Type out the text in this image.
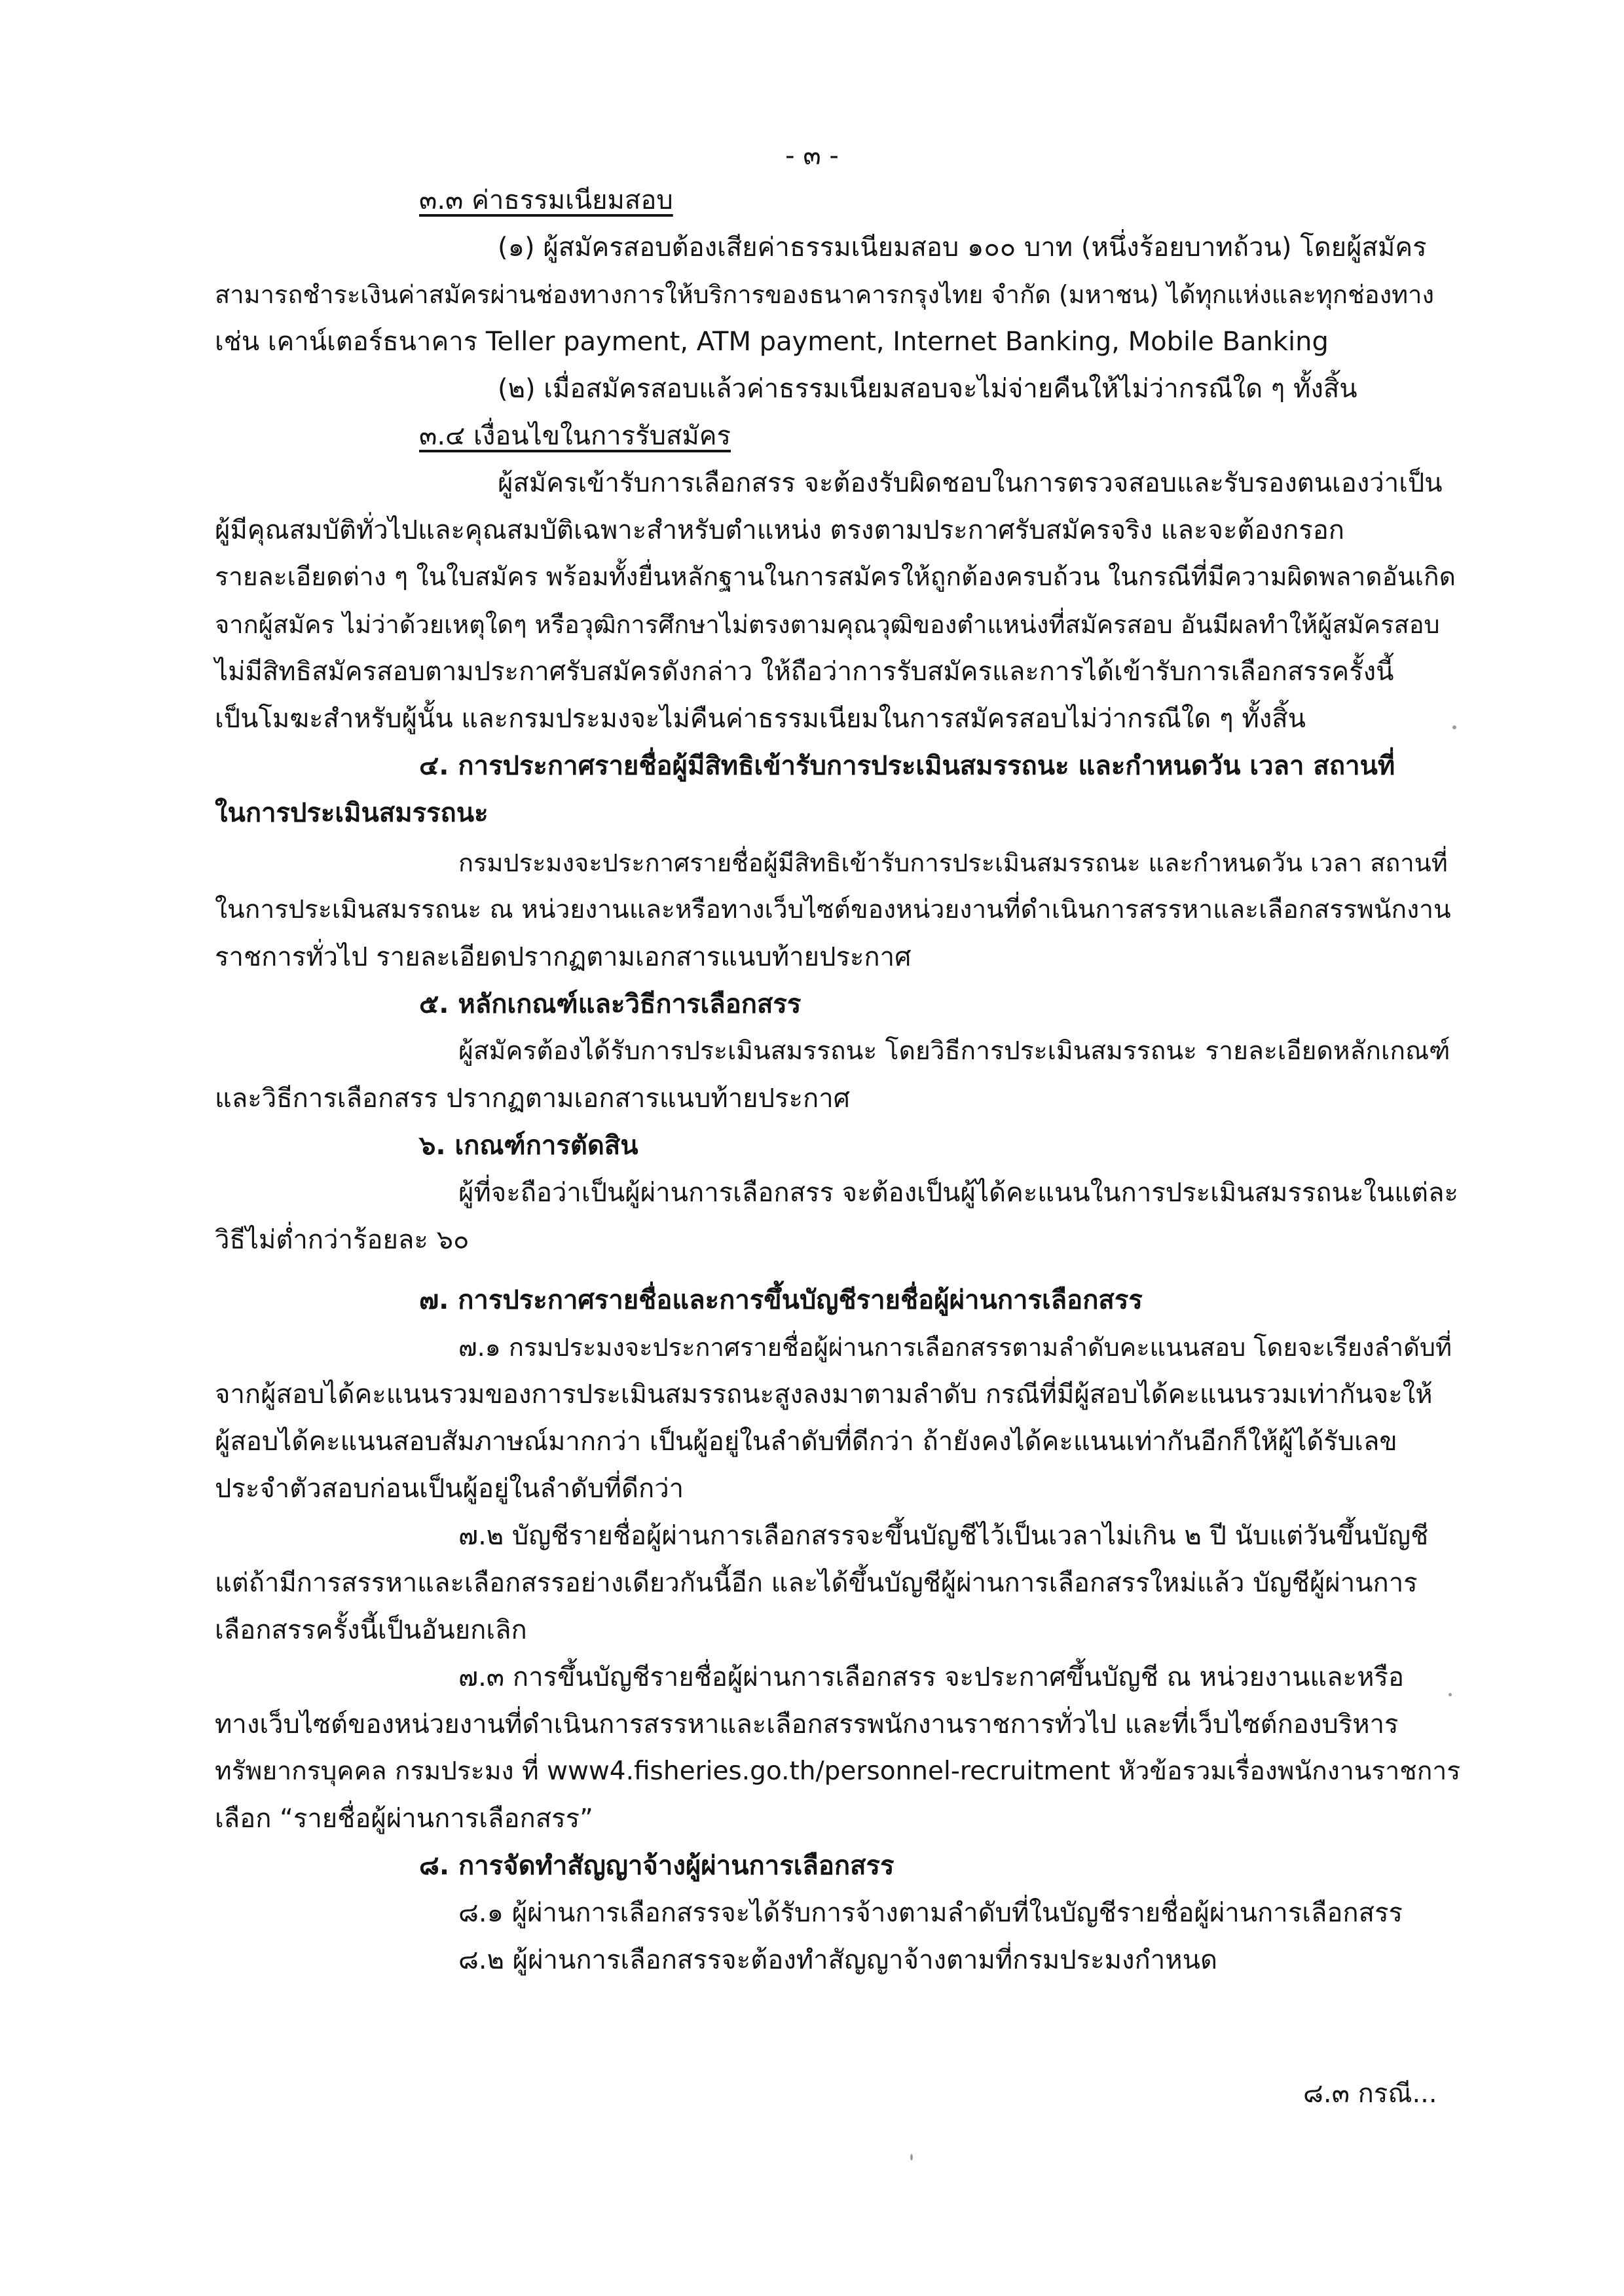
- ๓ -

๓.๓ ค่าธรรมเนียมสอบ

(๑) ผู้สมัครสอบต้องเสียค่าธรรมเนียมสอบ ๑๐๐ บาท (หนึ่งร้อยบาทถ้วน) โดยผู้สมัคร

สามารถชำระเงินค่าสมัครผ่านช่องทางการให้บริการของธนาคารกรุงไทย จำกัด (มหาชน) ได้ทุกแห่งและทุกช่องทาง

เช่น เคาน์เตอร์ธนาคาร Teller payment, ATM payment, Internet Banking, Mobile Banking

(๒) เมื่อสมัครสอบแล้วค่าธรรมเนียมสอบจะไม่จ่ายคืนให้ไม่ว่ากรณีใด ๆ ทั้งสิ้น

๓.๔ เงื่อนไขในการรับสมัคร

ผู้สมัครเข้ารับการเลือกสรร จะต้องรับผิดชอบในการตรวจสอบและรับรองตนเองว่าเป็น

ผู้มีคุณสมบัติทั่วไปและคุณสมบัติเฉพาะสำหรับตำแหน่ง ตรงตามประกาศรับสมัครจริง และจะต้องกรอก

รายละเอียดต่าง ๆ ในใบสมัคร พร้อมทั้งยื่นหลักฐานในการสมัครให้ถูกต้องครบถ้วน ในกรณีที่มีความผิดพลาดอันเกิด

จากผู้สมัคร ไม่ว่าด้วยเหตุใดๆ หรือวุฒิการศึกษาไม่ตรงตามคุณวุฒิของตำแหน่งที่สมัครสอบ อันมีผลทำให้ผู้สมัครสอบ

ไม่มีสิทธิสมัครสอบตามประกาศรับสมัครดังกล่าว ให้ถือว่าการรับสมัครและการได้เข้ารับการเลือกสรรครั้งนี้

เป็นโมฆะสำหรับผู้นั้น และกรมประมงจะไม่คืนค่าธรรมเนียมในการสมัครสอบไม่ว่ากรณีใด ๆ ทั้งสิ้น

๔. การประกาศรายชื่อผู้มีสิทธิเข้ารับการประเมินสมรรถนะ และกำหนดวัน เวลา สถานที่

ในการประเมินสมรรถนะ

กรมประมงจะประกาศรายชื่อผู้มีสิทธิเข้ารับการประเมินสมรรถนะ และกำหนดวัน เวลา สถานที่

ในการประเมินสมรรถนะ ณ หน่วยงานและหรือทางเว็บไซต์ของหน่วยงานที่ดำเนินการสรรหาและเลือกสรรพนักงาน

ราชการทั่วไป รายละเอียดปรากฏตามเอกสารแนบท้ายประกาศ

๕. หลักเกณฑ์และวิธีการเลือกสรร

ผู้สมัครต้องได้รับการประเมินสมรรถนะ โดยวิธีการประเมินสมรรถนะ รายละเอียดหลักเกณฑ์

และวิธีการเลือกสรร ปรากฏตามเอกสารแนบท้ายประกาศ

๖. เกณฑ์การตัดสิน

ผู้ที่จะถือว่าเป็นผู้ผ่านการเลือกสรร จะต้องเป็นผู้ได้คะแนนในการประเมินสมรรถนะในแต่ละ

วิธีไม่ต่ำกว่าร้อยละ ๖๐

๗. การประกาศรายชื่อและการขึ้นบัญชีรายชื่อผู้ผ่านการเลือกสรร

๗.๑ กรมประมงจะประกาศรายชื่อผู้ผ่านการเลือกสรรตามลำดับคะแนนสอบ โดยจะเรียงลำดับที่

จากผู้สอบได้คะแนนรวมของการประเมินสมรรถนะสูงลงมาตามลำดับ กรณีที่มีผู้สอบได้คะแนนรวมเท่ากันจะให้

ผู้สอบได้คะแนนสอบสัมภาษณ์มากกว่า เป็นผู้อยู่ในลำดับที่ดีกว่า ถ้ายังคงได้คะแนนเท่ากันอีกก็ให้ผู้ได้รับเลข

ประจำตัวสอบก่อนเป็นผู้อยู่ในลำดับที่ดีกว่า

๗.๒ บัญชีรายชื่อผู้ผ่านการเลือกสรรจะขึ้นบัญชีไว้เป็นเวลาไม่เกิน ๒ ปี นับแต่วันขึ้นบัญชี

แต่ถ้ามีการสรรหาและเลือกสรรอย่างเดียวกันนี้อีก และได้ขึ้นบัญชีผู้ผ่านการเลือกสรรใหม่แล้ว บัญชีผู้ผ่านการ

เลือกสรรครั้งนี้เป็นอันยกเลิก

๗.๓ การขึ้นบัญชีรายชื่อผู้ผ่านการเลือกสรร จะประกาศขึ้นบัญชี ณ หน่วยงานและหรือ

ทางเว็บไซต์ของหน่วยงานที่ดำเนินการสรรหาและเลือกสรรพนักงานราชการทั่วไป และที่เว็บไซต์กองบริหาร

ทรัพยากรบุคคล กรมประมง ที่ www4.fisheries.go.th/personnel-recruitment หัวข้อรวมเรื่องพนักงานราชการ

เลือก “รายชื่อผู้ผ่านการเลือกสรร”

๘. การจัดทำสัญญาจ้างผู้ผ่านการเลือกสรร

๘.๑ ผู้ผ่านการเลือกสรรจะได้รับการจ้างตามลำดับที่ในบัญชีรายชื่อผู้ผ่านการเลือกสรร

๘.๒ ผู้ผ่านการเลือกสรรจะต้องทำสัญญาจ้างตามที่กรมประมงกำหนด

๘.๓ กรณี...
